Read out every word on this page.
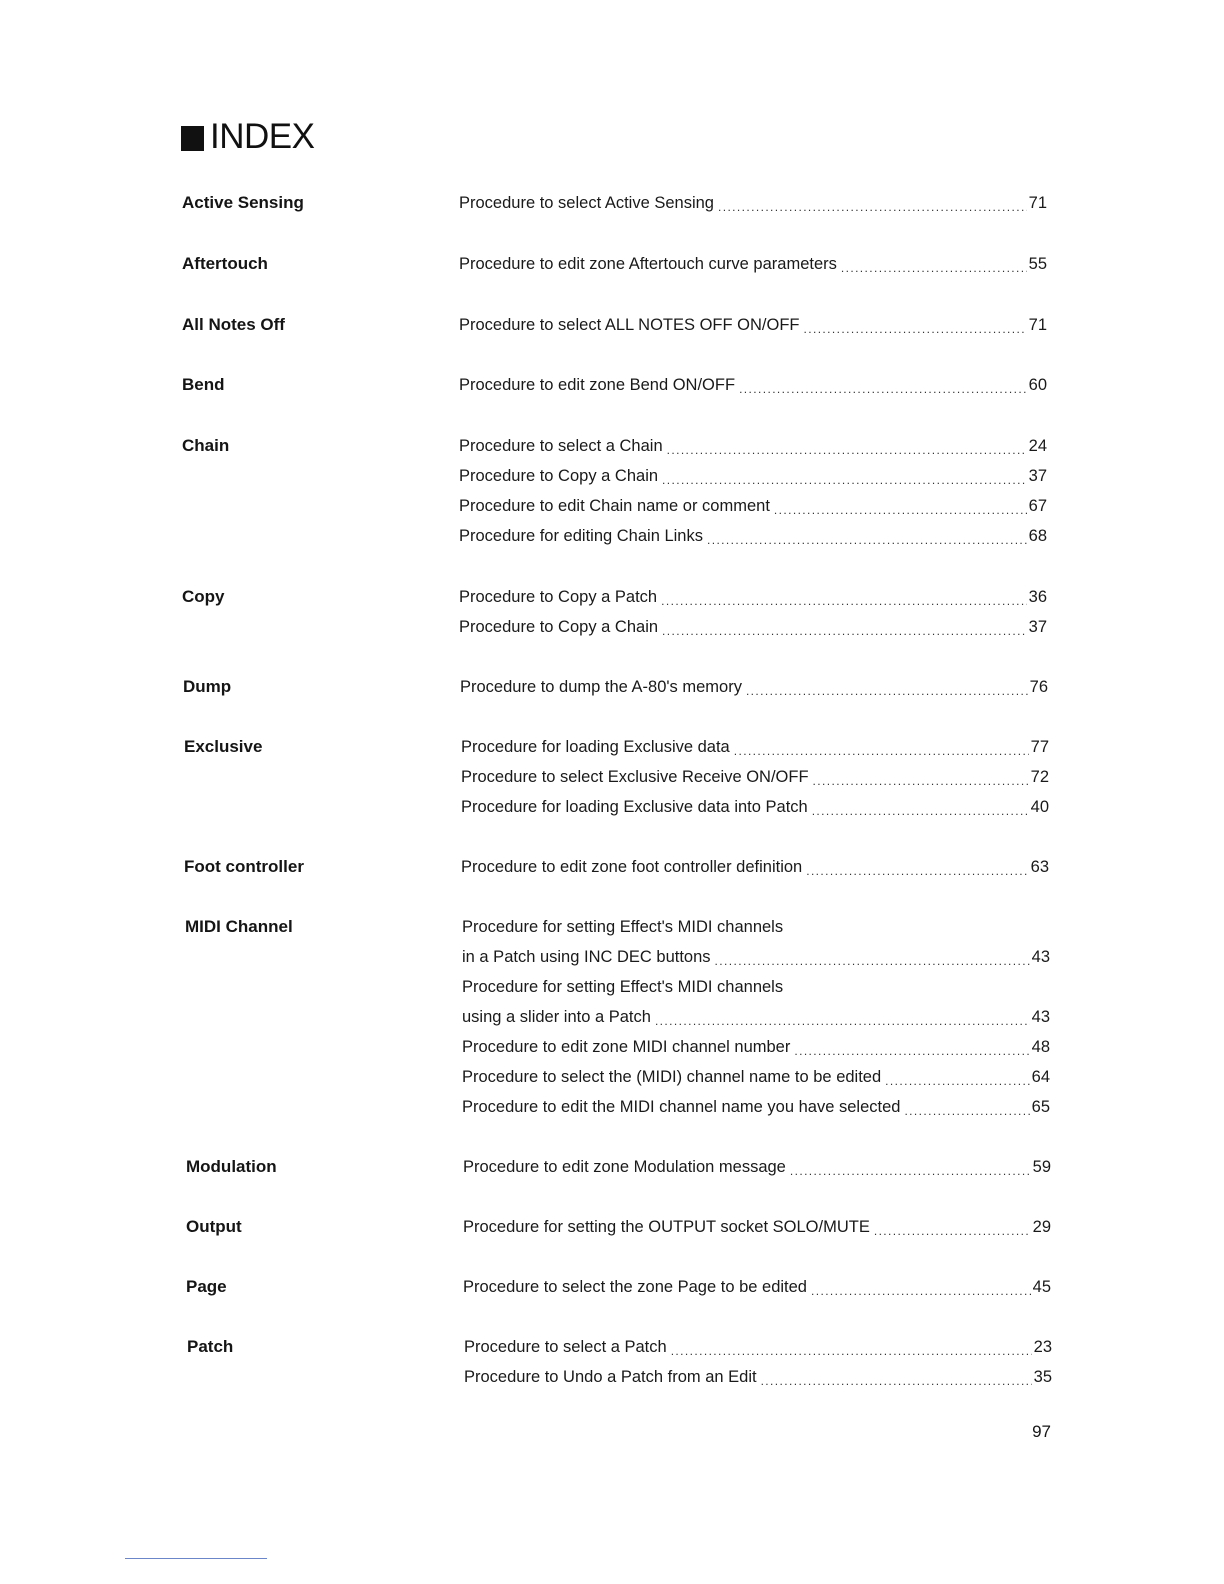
INDEX
Active Sensing	Procedure to select Active Sensing .....	71
Aftertouch	Procedure to edit zone Aftertouch curve parameters .....	55
All Notes Off	Procedure to select ALL NOTES OFF ON/OFF .....	71
Bend	Procedure to edit zone Bend ON/OFF .....	60
Chain	Procedure to select a Chain .....	24
Procedure to Copy a Chain .....	37
Procedure to edit Chain name or comment .....	67
Procedure for editing Chain Links .....	68
Copy	Procedure to Copy a Patch .....	36
Procedure to Copy a Chain .....	37
Dump	Procedure to dump the A-80's memory .....	76
Exclusive	Procedure for loading Exclusive data .....	77
Procedure to select Exclusive Receive ON/OFF .....	72
Procedure for loading Exclusive data into Patch .....	40
Foot controller	Procedure to edit zone foot controller definition .....	63
MIDI Channel	Procedure for setting Effect's MIDI channels
in a Patch using INC DEC buttons .....	43
Procedure for setting Effect's MIDI channels
using a slider into a Patch .....	43
Procedure to edit zone MIDI channel number .....	48
Procedure to select the (MIDI) channel name to be edited .....	64
Procedure to edit the MIDI channel name you have selected .....	65
Modulation	Procedure to edit zone Modulation message .....	59
Output	Procedure for setting the OUTPUT socket SOLO/MUTE .....	29
Page	Procedure to select the zone Page to be edited .....	45
Patch	Procedure to select a Patch .....	23
Procedure to Undo a Patch from an Edit .....	35
97
